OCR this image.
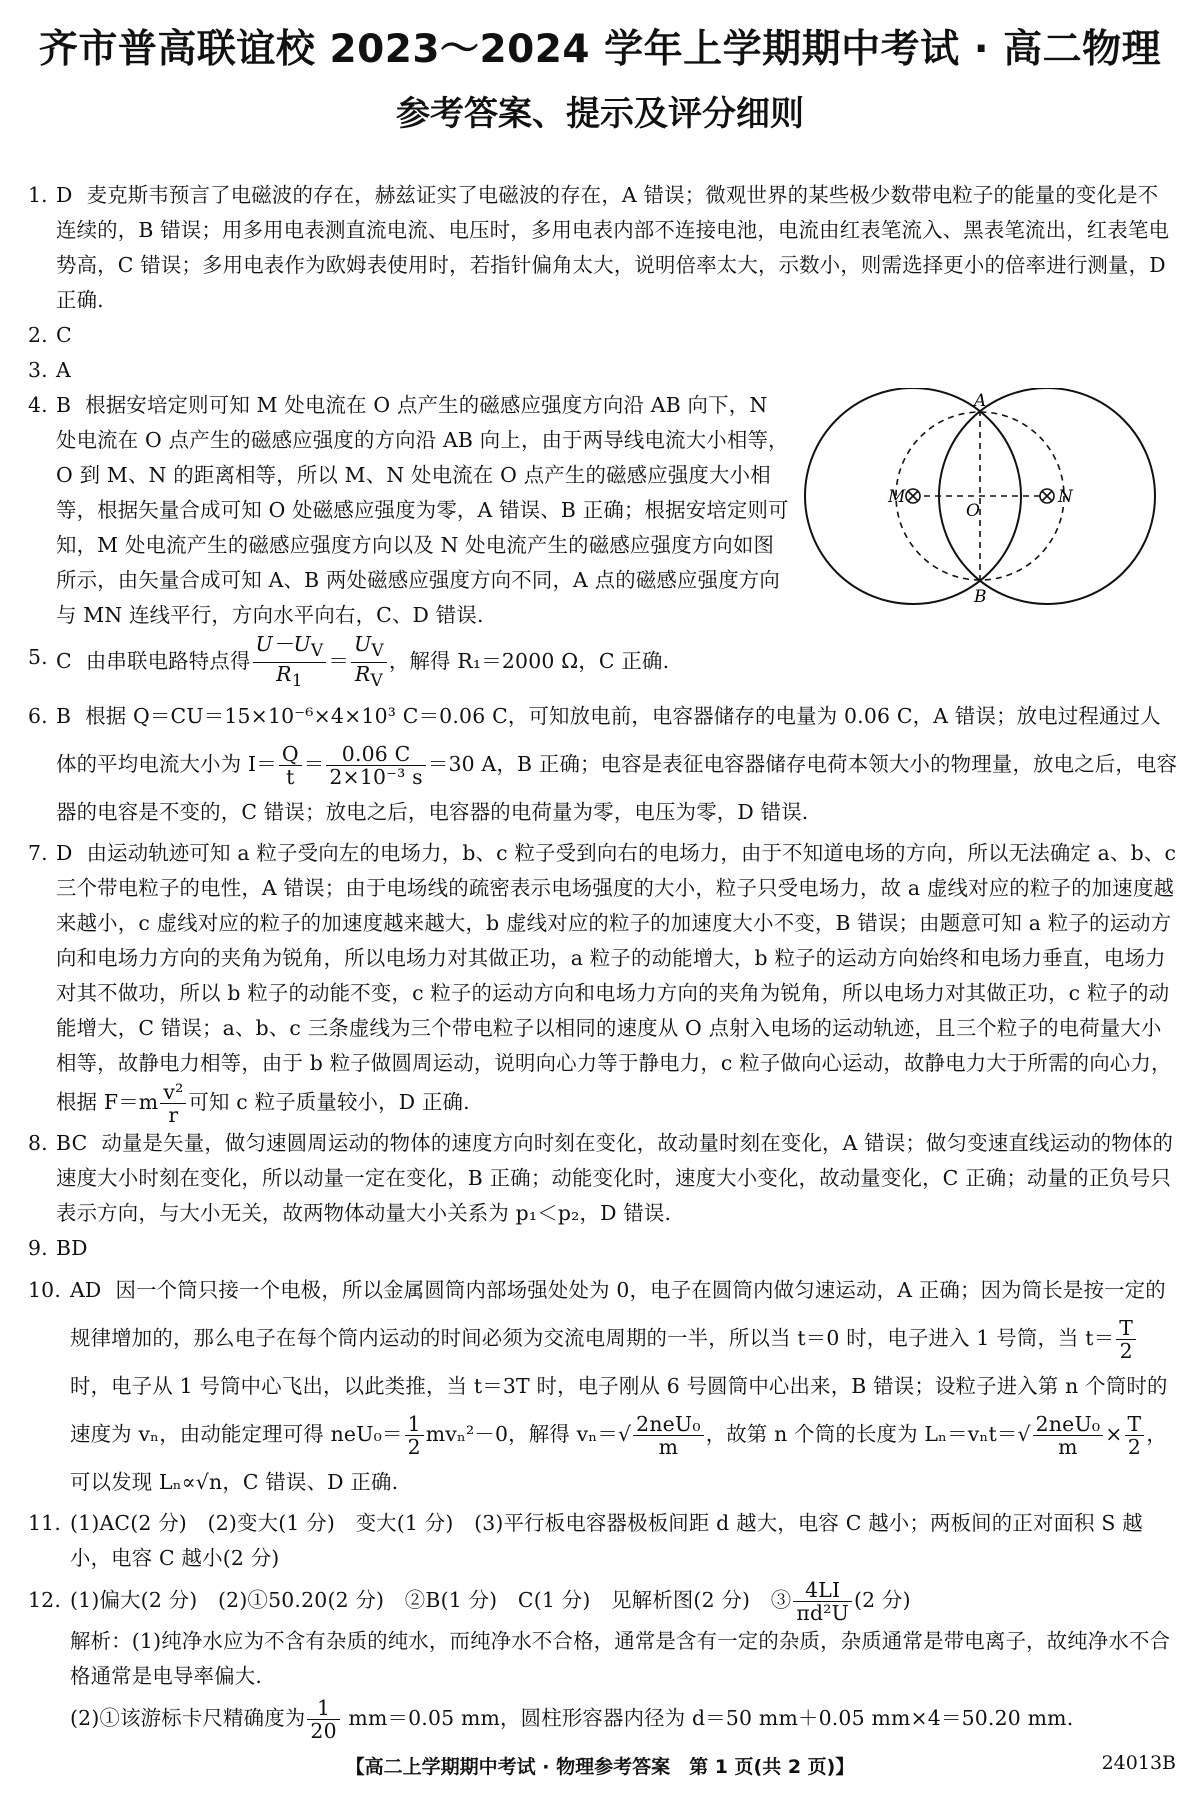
齐市普高联谊校 2023～2024 学年上学期期中考试 · 高二物理
参考答案、提示及评分细则
1. D 麦克斯韦预言了电磁波的存在，赫兹证实了电磁波的存在，A 错误；微观世界的某些极少数带电粒子的能量的变化是不连续的，B 错误；用多用电表测直流电流、电压时，多用电表内部不连接电池，电流由红表笔流入、黑表笔流出，红表笔电势高，C 错误；多用电表作为欧姆表使用时，若指针偏角太大，说明倍率太大，示数小，则需选择更小的倍率进行测量，D 正确.
2. C
3. A
4. B 根据安培定则可知 M 处电流在 O 点产生的磁感应强度方向沿 AB 向下，N 处电流在 O 点产生的磁感应强度的方向沿 AB 向上，由于两导线电流大小相等，O 到 M、N 的距离相等，所以 M、N 处电流在 O 点产生的磁感应强度大小相等，根据矢量合成可知 O 处磁感应强度为零，A 错误、B 正确；根据安培定则可知，M 处电流产生的磁感应强度方向以及 N 处电流产生的磁感应强度方向如图所示，由矢量合成可知 A、B 两处磁感应强度方向不同，A 点的磁感应强度方向与 MN 连线平行，方向水平向右，C、D 错误.
A
B
M	N
O
5. C 由串联电路特点得 $\frac{U-U_V}{R_1} = \frac{U_V}{R_V}$ ，解得 R₁＝2000 Ω，C 正确.
6. B 根据 Q＝CU＝15×10⁻⁶×4×10³ C＝0.06 C，可知放电前，电容器储存的电量为 0.06 C，A 错误；放电过程通过人体的平均电流大小为 $I= \frac{Q}{t} = \frac{0.06 C}{\text{2×10⁻³ s}} =30$ A，B 正确；电容是表征电容器储存电荷本领大小的物理量，放电之后，电容器的电容是不变的，C 错误；放电之后，电容器的电荷量为零，电压为零，D 错误.
7. D 由运动轨迹可知 a 粒子受向左的电场力，b、c 粒子受到向右的电场力，由于不知道电场的方向，所以无法确定 a、b、c 三个带电粒子的电性，A 错误；由于电场线的疏密表示电场强度的大小，粒子只受电场力，故 a 虚线对应的粒子的加速度越来越小，c 虚线对应的粒子的加速度越来越大，b 虚线对应的粒子的加速度大小不变，B 错误；由题意可知 a 粒子的运动方向和电场力方向的夹角为锐角，所以电场力对其做正功，a 粒子的动能增大，b 粒子的运动方向始终和电场力垂直，电场力对其不做功，所以 b 粒子的动能不变，c 粒子的运动方向和电场力方向的夹角为锐角，所以电场力对其做正功，c 粒子的动能增大，C 错误；a、b、c 三条虚线为三个带电粒子以相同的速度从 O 点射入电场的运动轨迹，且三个粒子的电荷量大小相等，故静电力相等，由于 b 粒子做圆周运动，说明向心力等于静电力，c 粒子做向心运动，故静电力大于所需的向心力，根据 $F=m \frac{\text{v²}}{r}$ 可知 c 粒子质量较小，D 正确.
8. BC 动量是矢量，做匀速圆周运动的物体的速度方向时刻在变化，故动量时刻在变化，A 错误；做匀变速直线运动的物体的速度大小时刻在变化，所以动量一定在变化，B 正确；动能变化时，速度大小变化，故动量变化，C 正确；动量的正负号只表示方向，与大小无关，故两物体动量大小关系为 p₁＜p₂，D 错误.
9. BD
10. AD 因一个筒只接一个电极，所以金属圆筒内部场强处处为 0，电子在圆筒内做匀速运动，A 正确；因为筒长是按一定的规律增加的，那么电子在每个筒内运动的时间必须为交流电周期的一半，所以当 t＝0 时，电子进入 1 号筒，当 $t= \frac{T}{2}$
时，电子从 1 号筒中心飞出，以此类推，当 t＝3T 时，电子刚从 6 号圆筒中心出来，B 错误；设粒子进入第 n 个筒时的速度为 vₙ，由动能定理可得 $neU_0= \frac{1}{2} mv_n^2-0$，解得 $v_n=√ \frac{\text{2neU₀}}{m}$ ，故第 n 个筒的长度为 $L_n=v_nt=√ \frac{\text{2neU₀}}{m} \times \frac{T}{2}$ ，可以发现 Lₙ∝√n，C 错误、D 正确.
11. (1)AC(2 分)　(2)变大(1 分)　变大(1 分)　(3)平行板电容器极板间距 d 越大，电容 C 越小；两板间的正对面积 S 越小，电容 C 越小(2 分)
12. (1)偏大(2 分)　(2)①50.20(2 分)　②B(1 分)　C(1 分)　见解析图(2 分)　③ $\frac{4LI}{\text{πd²U}} (2$ 分)
解析：(1)纯净水应为不含有杂质的纯水，而纯净水不合格，通常是含有一定的杂质，杂质通常是带电离子，故纯净水不合格通常是电导率偏大.
(2)①该游标卡尺精确度为 $\frac{1}{20} mm=0.05$ mm，圆柱形容器内径为 d＝50 mm＋0.05 mm×4＝50.20 mm.
【高二上学期期中考试 · 物理参考答案　第 1 页(共 2 页)】	24013B
